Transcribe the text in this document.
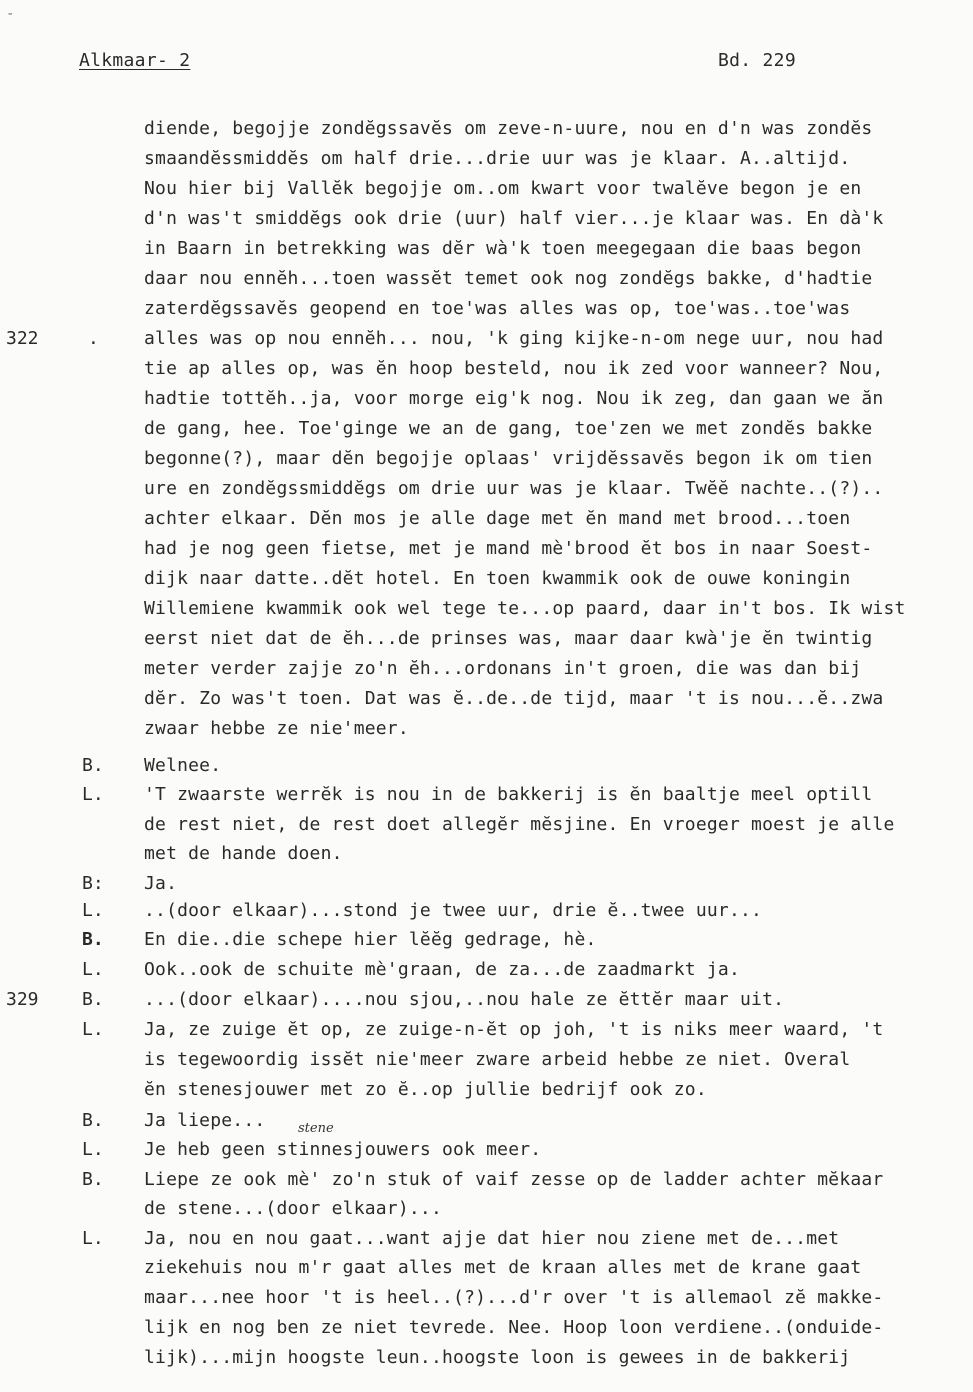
-
Alkmaar- 2	Bd. 229
diende, begojje zondĕgssavĕs om zeve-n-uure, nou en d'n was zondĕs
smaandĕssmiddĕs om half drie...drie uur was je klaar. A..altijd.
Nou hier bij Vallĕk begojje om..om kwart voor twalĕve begon je en
d'n was't smiddĕgs ook drie (uur) half vier...je klaar was. En dà'k
in Baarn in betrekking was dĕr wà'k toen meegegaan die baas begon
daar nou ennĕh...toen wassĕt temet ook nog zondĕgs bakke, d'hadtie
zaterdĕgssavĕs geopend en toe'was alles was op, toe'was..toe'was
322	.	alles was op nou ennĕh... nou, 'k ging kijke-n-om nege uur, nou had
tie ap alles op, was ĕn hoop besteld, nou ik zed voor wanneer? Nou,
hadtie tottĕh..ja, voor morge eig'k nog. Nou ik zeg, dan gaan we ăn
de gang, hee. Toe'ginge we an de gang, toe'zen we met zondĕs bakke
begonne(?), maar dĕn begojje oplaas' vrijdĕssavĕs begon ik om tien
ure en zondĕgssmiddĕgs om drie uur was je klaar. Twĕĕ nachte..(?)..
achter elkaar. Dĕn mos je alle dage met ĕn mand met brood...toen
had je nog geen fietse, met je mand mè'brood ĕt bos in naar Soest-
dijk naar datte..dĕt hotel. En toen kwammik ook de ouwe koningin
Willemiene kwammik ook wel tege te...op paard, daar in't bos. Ik wist
eerst niet dat de ĕh...de prinses was, maar daar kwà'je ĕn twintig
meter verder zajje zo'n ĕh...ordonans in't groen, die was dan bij
dĕr. Zo was't toen. Dat was ĕ..de..de tijd, maar 't is nou...ĕ..zwa
zwaar hebbe ze nie'meer.
B.	Welnee.
L.	'T zwaarste werrĕk is nou in de bakkerij is ĕn baaltje meel optill
de rest niet, de rest doet allegĕr mĕsjine. En vroeger moest je alle
met de hande doen.
B:	Ja.
L.	..(door elkaar)...stond je twee uur, drie ĕ..twee uur...
B.	En die..die schepe hier lĕĕg gedrage, hè.
L.	Ook..ook de schuite mè'graan, de za...de zaadmarkt ja.
329	B.	...(door elkaar)....nou sjou,..nou hale ze ĕttĕr maar uit.
L.	Ja, ze zuige ĕt op, ze zuige-n-ĕt op joh, 't is niks meer waard, 't
is tegewoordig issĕt nie'meer zware arbeid hebbe ze niet. Overal
ĕn stenesjouwer met zo ĕ..op jullie bedrijf ook zo.
B.	Ja liepe...	stene
L.	Je heb geen stinnesjouwers ook meer.
B.	Liepe ze ook mè' zo'n stuk of vaif zesse op de ladder achter mĕkaar
de stene...(door elkaar)...
L.	Ja, nou en nou gaat...want ajje dat hier nou ziene met de...met
ziekehuis nou m'r gaat alles met de kraan alles met de krane gaat
maar...nee hoor 't is heel..(?)...d'r over 't is allemaol zĕ makke-
lijk en nog ben ze niet tevrede. Nee. Hoop loon verdiene..(onduide-
lijk)...mijn hoogste leun..hoogste loon is gewees in de bakkerij
